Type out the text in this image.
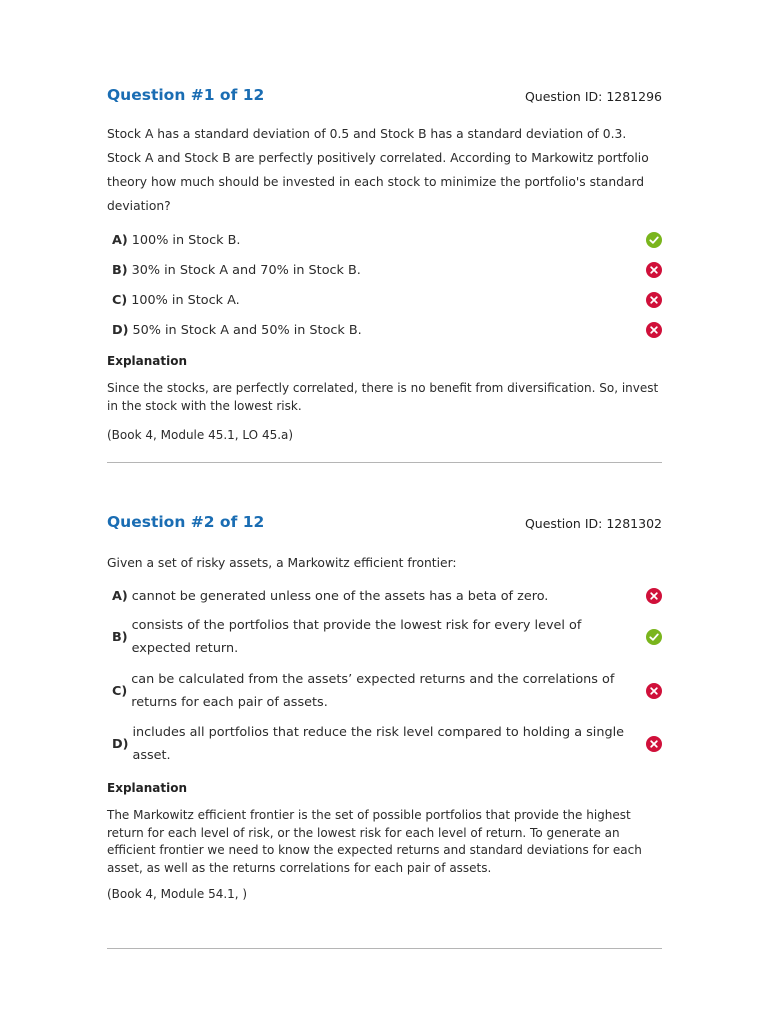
Question #1 of 12	Question ID: 1281296

Stock A has a standard deviation of 0.5 and Stock B has a standard deviation of 0.3. Stock A and Stock B are perfectly positively correlated. According to Markowitz portfolio theory how much should be invested in each stock to minimize the portfolio's standard deviation?

A) 100% in Stock B.
B) 30% in Stock A and 70% in Stock B.
C) 100% in Stock A.
D) 50% in Stock A and 50% in Stock B.
Explanation

Since the stocks, are perfectly correlated, there is no benefit from diversification. So, invest in the stock with the lowest risk.

(Book 4, Module 45.1, LO 45.a)

Question #2 of 12	Question ID: 1281302

Given a set of risky assets, a Markowitz efficient frontier:

A) cannot be generated unless one of the assets has a beta of zero.
B)
consists of the portfolios that provide the lowest risk for every level of expected return.
C)
can be calculated from the assets’ expected returns and the correlations of returns for each pair of assets.
D)
includes all portfolios that reduce the risk level compared to holding a single asset.
Explanation

The Markowitz efficient frontier is the set of possible portfolios that provide the highest return for each level of risk, or the lowest risk for each level of return. To generate an efficient frontier we need to know the expected returns and standard deviations for each asset, as well as the returns correlations for each pair of assets.

(Book 4, Module 54.1, )
